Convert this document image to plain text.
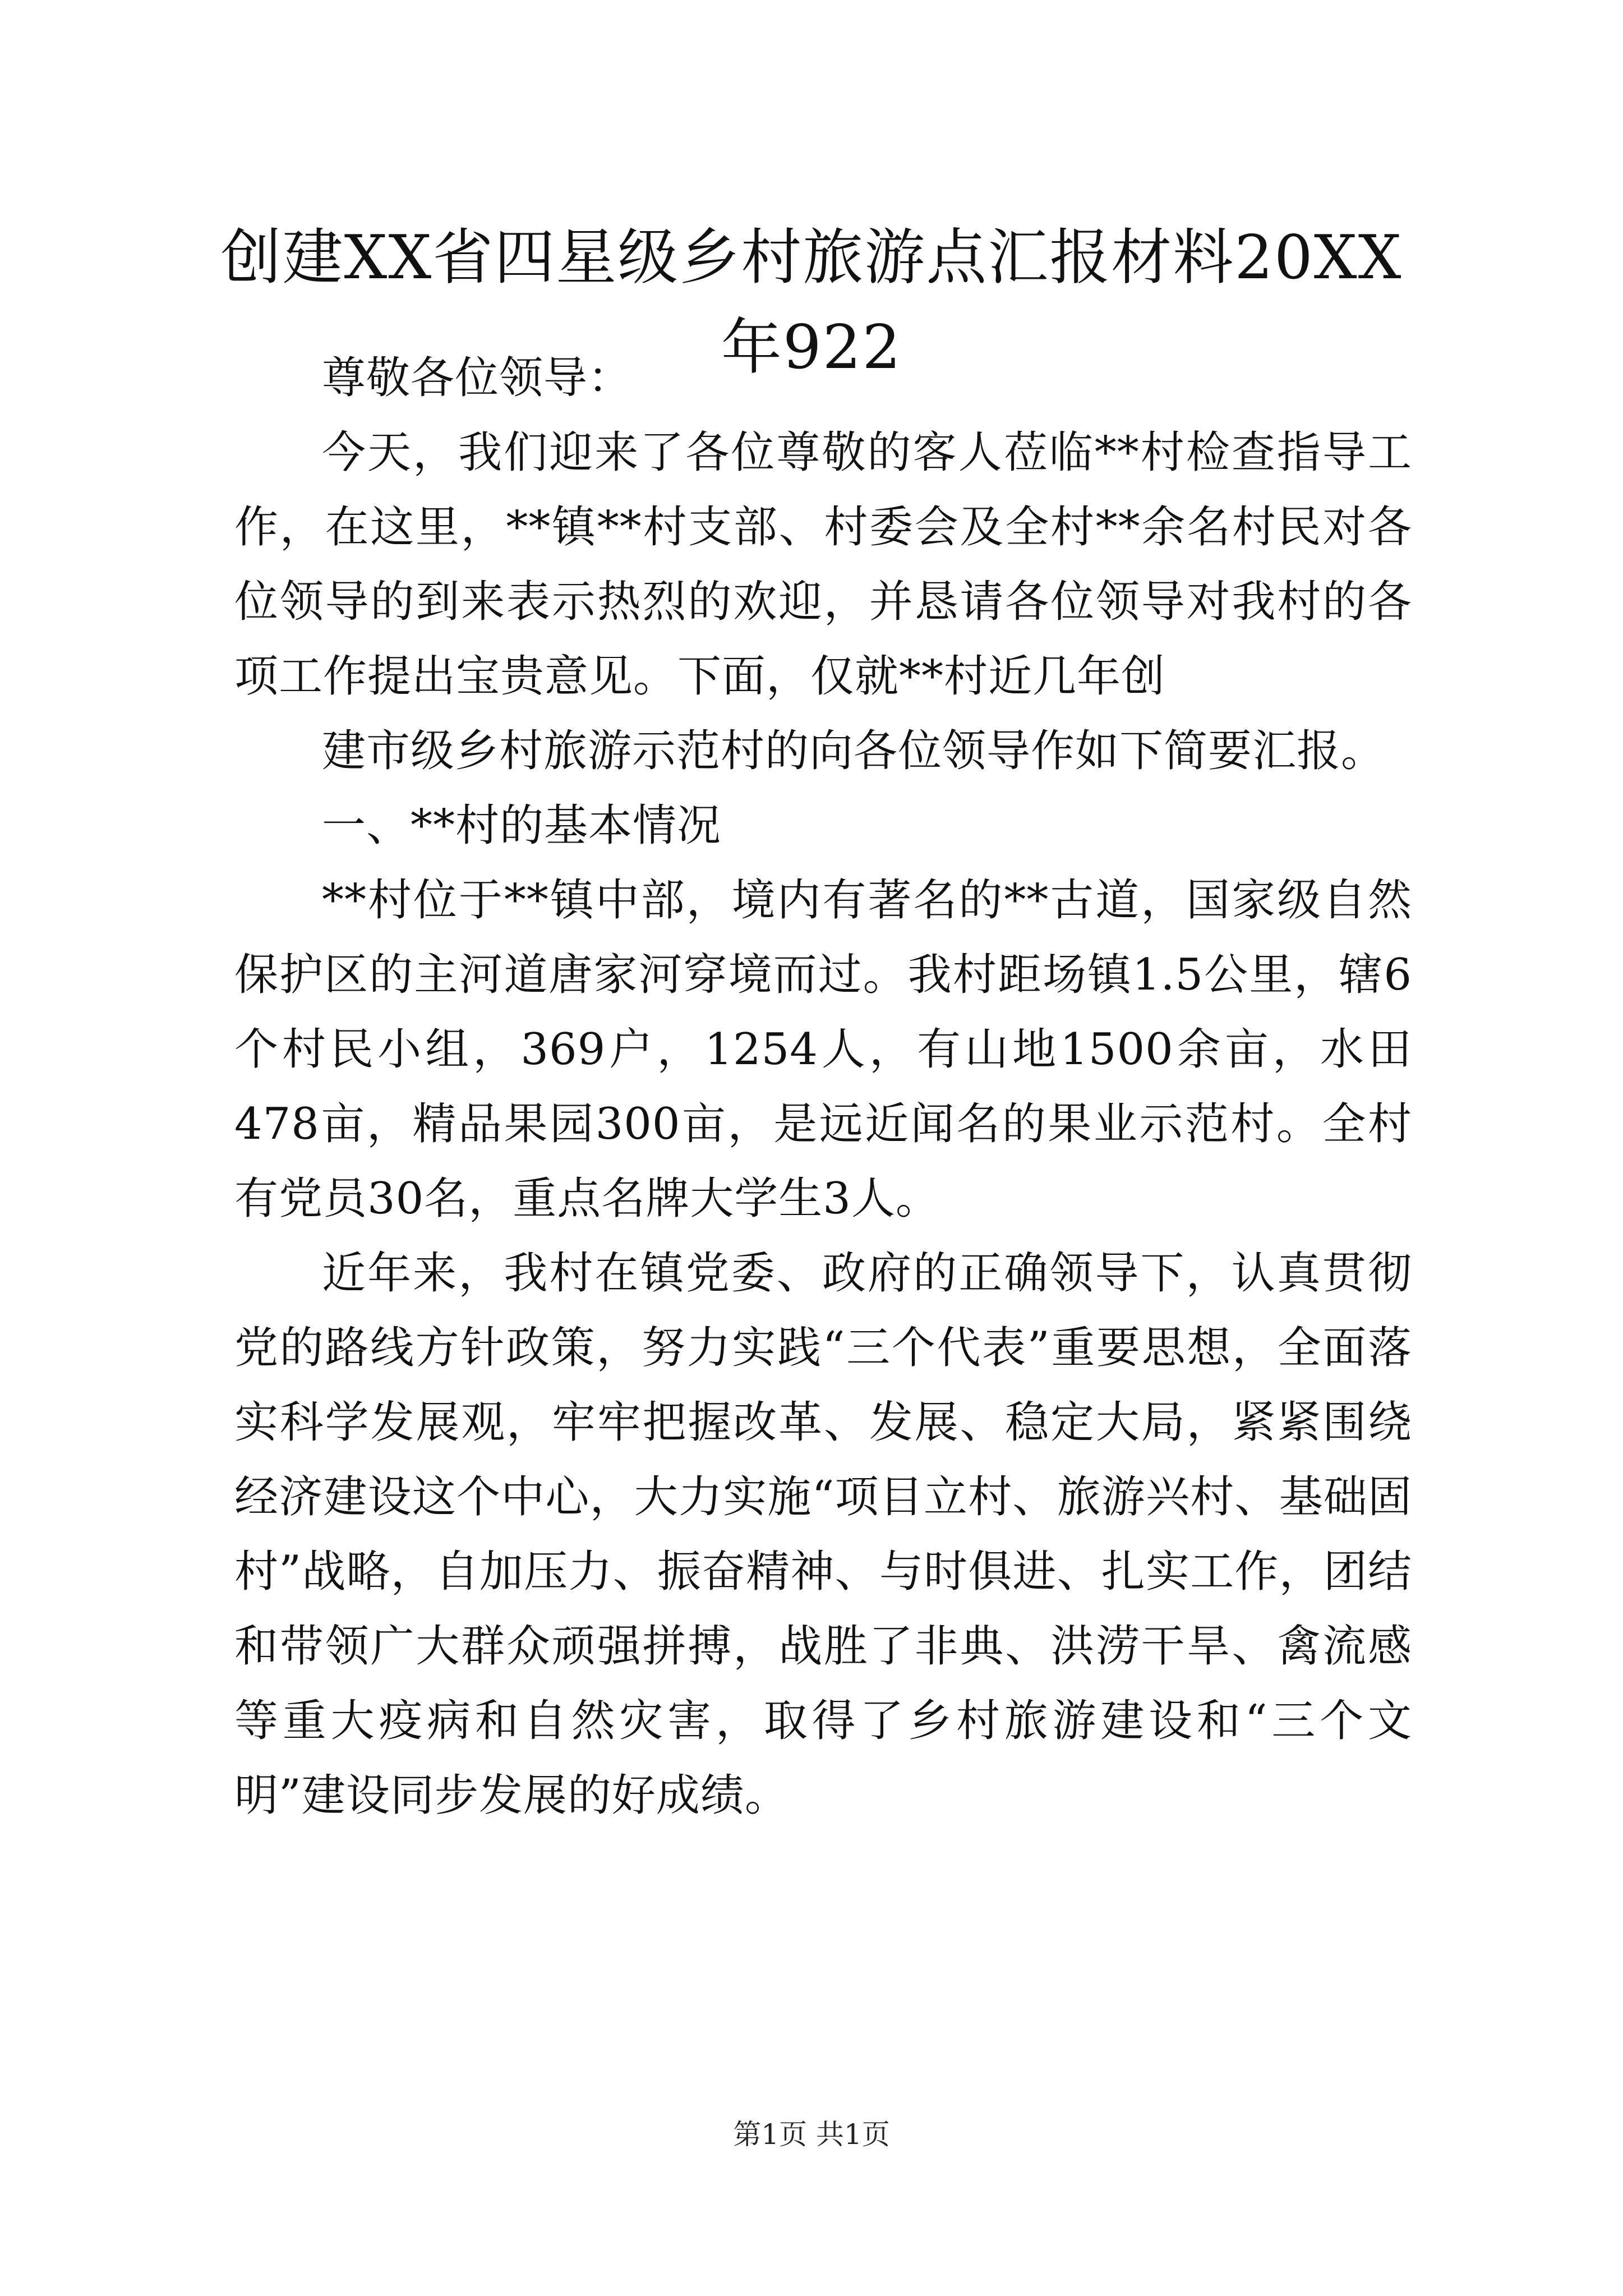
创建XX省四星级乡村旅游点汇报材料20XX
年922

尊敬各位领导：

今天，我们迎来了各位尊敬的客人莅临**村检查指导工作，在这里，**镇**村支部、村委会及全村**余名村民对各位领导的到来表示热烈的欢迎，并恳请各位领导对我村的各项工作提出宝贵意见。下面，仅就**村近几年创

建市级乡村旅游示范村的向各位领导作如下简要汇报。

一、**村的基本情况

**村位于**镇中部，境内有著名的**古道，国家级自然保护区的主河道唐家河穿境而过。我村距场镇1.5公里，辖6个村民小组，369户，1254人，有山地1500余亩，水田478亩，精品果园300亩，是远近闻名的果业示范村。全村有党员30名，重点名牌大学生3人。

近年来，我村在镇党委、政府的正确领导下，认真贯彻党的路线方针政策，努力实践“三个代表”重要思想，全面落实科学发展观，牢牢把握改革、发展、稳定大局，紧紧围绕经济建设这个中心，大力实施“项目立村、旅游兴村、基础固村”战略，自加压力、振奋精神、与时俱进、扎实工作，团结和带领广大群众顽强拼搏，战胜了非典、洪涝干旱、禽流感等重大疫病和自然灾害，取得了乡村旅游建设和“三个文明”建设同步发展的好成绩。

第1页 共1页
